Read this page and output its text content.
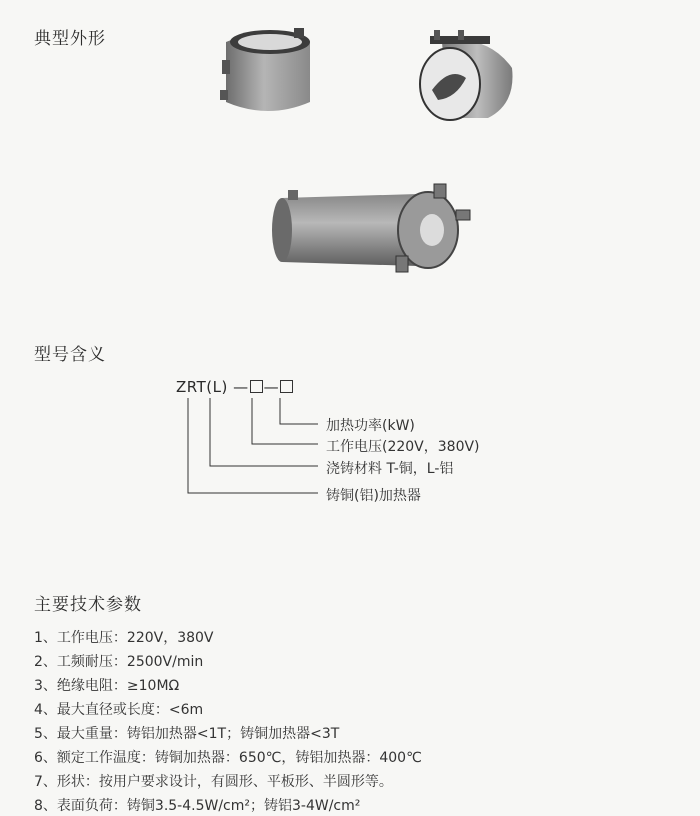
典型外形
型号含义
ZRT(L) — —
加热功率(kW)
工作电压(220V，380V)
浇铸材料 T-铜，L-铝
铸铜(铝)加热器
主要技术参数
1、工作电压：220V，380V
2、工频耐压：2500V/min
3、绝缘电阻：≥10MΩ
4、最大直径或长度：<6m
5、最大重量：铸铝加热器<1T；铸铜加热器<3T
6、额定工作温度：铸铜加热器：650℃，铸铝加热器：400℃
7、形状：按用户要求设计，有圆形、平板形、半圆形等。
8、表面负荷：铸铜3.5-4.5W/cm²；铸铝3-4W/cm²
